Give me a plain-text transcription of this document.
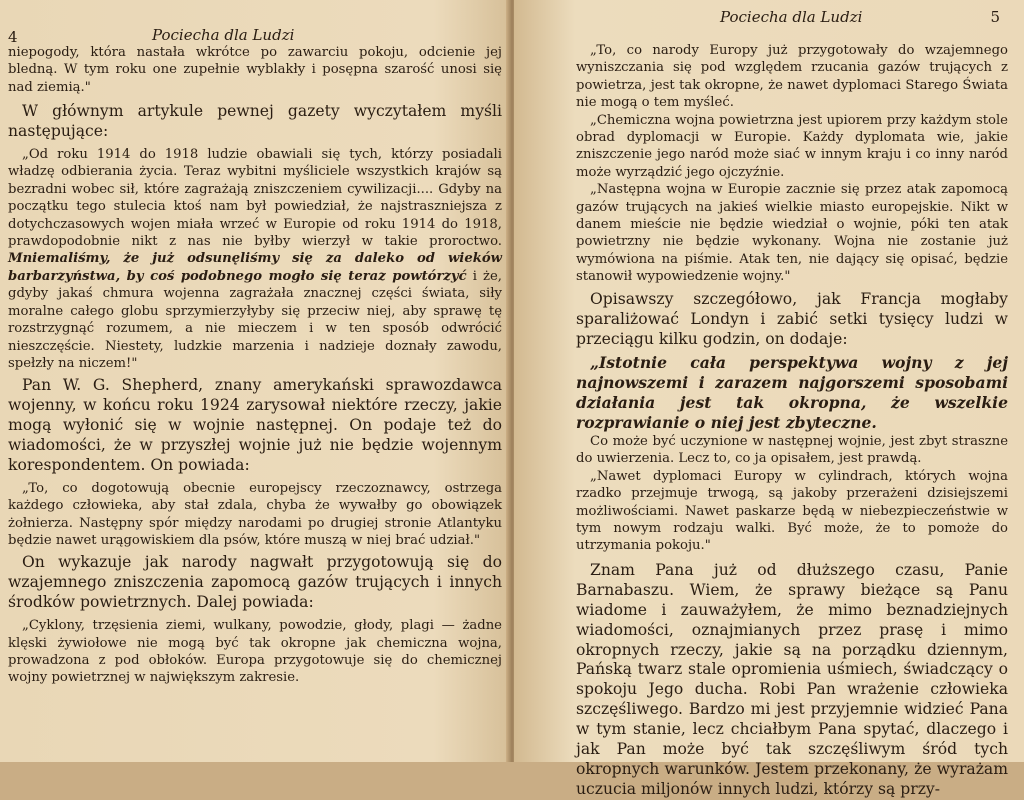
4	Pociecha dla Ludzi

niepogody, która nastała wkrótce po zawarciu pokoju, odcienie jej bledną. W tym roku one zupełnie wyblakły i posępna szarość unosi się nad ziemią."

W głównym artykule pewnej gazety wyczytałem myśli następujące:

„Od roku 1914 do 1918 ludzie obawiali się tych, którzy posiadali władzę odbierania życia. Teraz wybitni myśliciele wszystkich krajów są bezradni wobec sił, które zagrażają zniszczeniem cywilizacji.... Gdyby na początku tego stulecia ktoś nam był powiedział, że najstraszniejsza z dotychczasowych wojen miała wrzeć w Europie od roku 1914 do 1918, prawdopodobnie nikt z nas nie byłby wierzył w takie proroctwo. Mniemaliśmy, że już odsunęliśmy się za daleko od wieków barbarzyństwa, by coś podobnego mogło się teraz powtórzyć i że, gdyby jakaś chmura wojenna zagrażała znacznej części świata, siły moralne całego globu sprzymierzyłyby się przeciw niej, aby sprawę tę rozstrzygnąć rozumem, a nie mieczem i w ten sposób odwrócić nieszczęście. Niestety, ludzkie marzenia i nadzieje doznały zawodu, spełzły na niczem!"

Pan W. G. Shepherd, znany amerykański sprawozdawca wojenny, w końcu roku 1924 zarysował niektóre rzeczy, jakie mogą wyłonić się w wojnie następnej. On podaje też do wiadomości, że w przyszłej wojnie już nie będzie wojennym korespondentem. On powiada:

„To, co dogotowują obecnie europejscy rzeczoznawcy, ostrzega każdego człowieka, aby stał zdala, chyba że wywałby go obowiązek żołnierza. Następny spór między narodami po drugiej stronie Atlantyku będzie nawet urągowiskiem dla psów, które muszą w niej brać udział."

On wykazuje jak narody nagwałt przygotowują się do wzajemnego zniszczenia zapomocą gazów trujących i innych środków powietrznych. Dalej powiada:

„Cyklony, trzęsienia ziemi, wulkany, powodzie, głody, plagi — żadne klęski żywiołowe nie mogą być tak okropne jak chemiczna wojna, prowadzona z pod obłoków. Europa przygotowuje się do chemicznej wojny powietrznej w największym zakresie.

Pociecha dla Ludzi	5

„To, co narody Europy już przygotowały do wzajemnego wyniszczania się pod względem rzucania gazów trujących z powietrza, jest tak okropne, że nawet dyplomaci Starego Świata nie mogą o tem myśleć.

„Chemiczna wojna powietrzna jest upiorem przy każdym stole obrad dyplomacji w Europie. Każdy dyplomata wie, jakie zniszczenie jego naród może siać w innym kraju i co inny naród może wyrządzić jego ojczyźnie.

„Następna wojna w Europie zacznie się przez atak zapomocą gazów trujących na jakieś wielkie miasto europejskie. Nikt w danem mieście nie będzie wiedział o wojnie, póki ten atak powietrzny nie będzie wykonany. Wojna nie zostanie już wymówiona na piśmie. Atak ten, nie dający się opisać, będzie stanowił wypowiedzenie wojny."

Opisawszy szczegółowo, jak Francja mogłaby sparaliżować Londyn i zabić setki tysięcy ludzi w przeciągu kilku godzin, on dodaje:

„Istotnie cała perspektywa wojny z jej najnowszemi i zarazem najgorszemi sposobami działania jest tak okropna, że wszelkie rozprawianie o niej jest zbyteczne.

Co może być uczynione w następnej wojnie, jest zbyt straszne do uwierzenia. Lecz to, co ja opisałem, jest prawdą.

„Nawet dyplomaci Europy w cylindrach, których wojna rzadko przejmuje trwogą, są jakoby przerażeni dzisiejszemi możliwościami. Nawet paskarze będą w niebezpieczeństwie w tym nowym rodzaju walki. Być może, że to pomoże do utrzymania pokoju."

Znam Pana już od dłuższego czasu, Panie Barnabaszu. Wiem, że sprawy bieżące są Panu wiadome i zauważyłem, że mimo beznadziejnych wiadomości, oznajmianych przez prasę i mimo okropnych rzeczy, jakie są na porządku dziennym, Pańską twarz stale opromienia uśmiech, świadczący o spokoju Jego ducha. Robi Pan wrażenie człowieka szczęśliwego. Bardzo mi jest przyjemnie widzieć Pana w tym stanie, lecz chciałbym Pana spytać, dlaczego i jak Pan może być tak szczęśliwym śród tych okropnych warunków. Jestem przekonany, że wyrażam uczucia miljonów innych ludzi, którzy są przy-
